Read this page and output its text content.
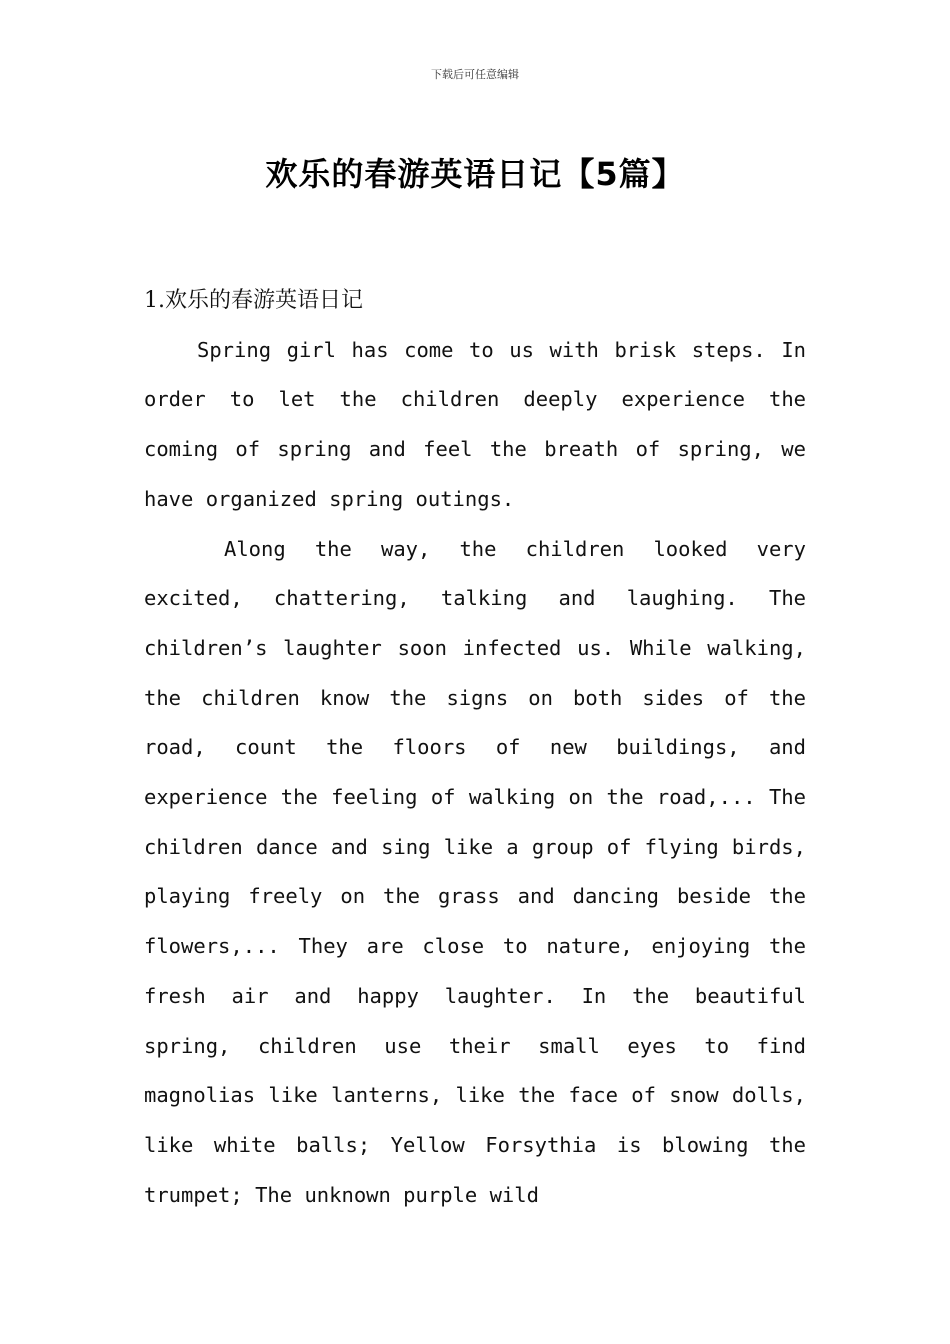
下载后可任意编辑
欢乐的春游英语日记【5篇】
1.欢乐的春游英语日记

Spring girl has come to us with brisk steps. In order to let the children deeply experience the coming of spring and feel the breath of spring, we have organized spring outings.

Along the way, the children looked very excited, chattering, talking and laughing. The children’s laughter soon infected us. While walking, the children know the signs on both sides of the road, count the floors of new buildings, and experience the feeling of walking on the road,... The children dance and sing like a group of flying birds, playing freely on the grass and dancing beside the flowers,... They are close to nature, enjoying the fresh air and happy laughter. In the beautiful spring, children use their small eyes to find magnolias like lanterns, like the face of snow dolls, like white balls; Yellow Forsythia is blowing the trumpet; The unknown purple wild
